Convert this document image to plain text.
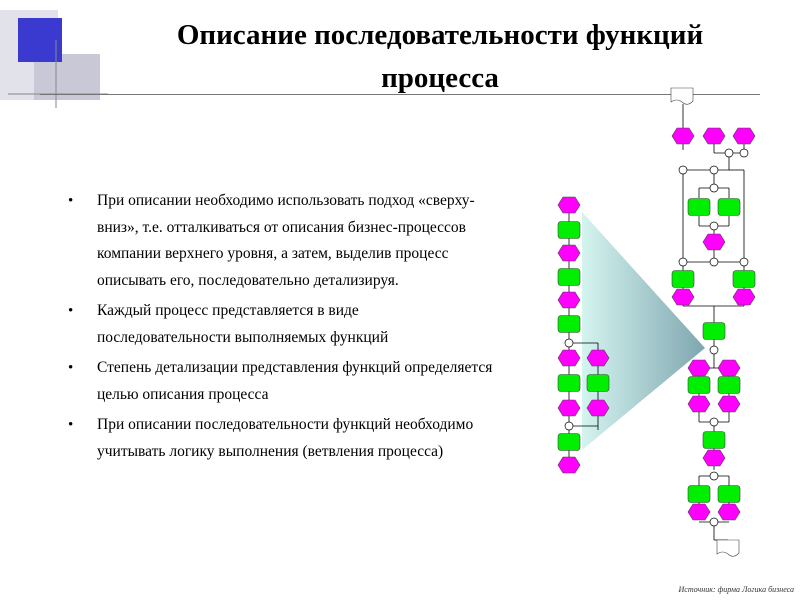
Описание последовательности функций
процесса
• При описании необходимо использовать подход «сверху-вниз», т.е. отталкиваться от описания бизнес-процессов компании верхнего уровня, а затем, выделив процесс описывать его, последовательно детализируя.
• Каждый процесс представляется в виде последовательности выполняемых функций
• Степень детализации представления функций определяется целью описания процесса
• При описании последовательности функций необходимо учитывать логику выполнения (ветвления процесса)
Источник: фирма Логика бизнеса
